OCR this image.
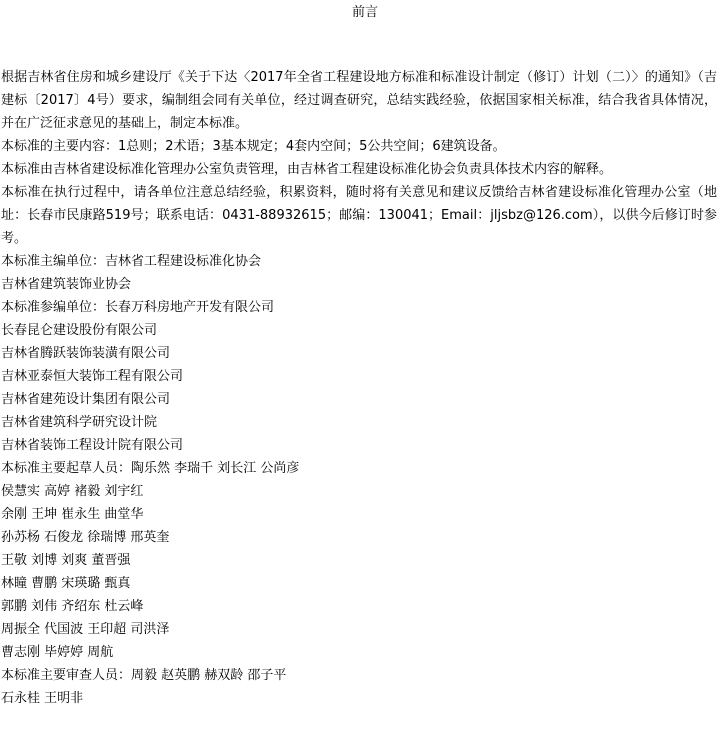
前言

根据吉林省住房和城乡建设厅《关于下达〈2017年全省工程建设地方标准和标准设计制定（修订）计划（二）〉的通知》（吉建标〔2017〕4号）要求，编制组会同有关单位，经过调查研究，总结实践经验，依据国家相关标准，结合我省具体情况，并在广泛征求意见的基础上，制定本标准。

本标准的主要内容：1总则；2术语；3基本规定；4套内空间；5公共空间；6建筑设备。

本标准由吉林省建设标准化管理办公室负责管理，由吉林省工程建设标准化协会负责具体技术内容的解释。

本标准在执行过程中，请各单位注意总结经验，积累资料，随时将有关意见和建议反馈给吉林省建设标准化管理办公室（地址：长春市民康路519号；联系电话：0431-88932615；邮编：130041；Email：jljsbz@126.com），以供今后修订时参考。

本标准主编单位：吉林省工程建设标准化协会

吉林省建筑装饰业协会

本标准参编单位：长春万科房地产开发有限公司

长春昆仑建设股份有限公司

吉林省腾跃装饰装潢有限公司

吉林亚泰恒大装饰工程有限公司

吉林省建苑设计集团有限公司

吉林省建筑科学研究设计院

吉林省装饰工程设计院有限公司

本标准主要起草人员：陶乐然 李瑞千 刘长江 公尚彦

侯慧实 高婷 褚毅 刘宇红

余刚 王坤 崔永生 曲堂华

孙苏杨 石俊龙 徐瑞博 邢英奎

王敬 刘博 刘爽 董晋强

林瞳 曹鹏 宋瑛璐 甄真

郭鹏 刘伟 齐绍东 杜云峰

周振全 代国波 王印超 司洪泽

曹志刚 毕婷婷 周航

本标准主要审查人员：周毅 赵英鹏 赫双龄 邵子平

石永桂 王明非
